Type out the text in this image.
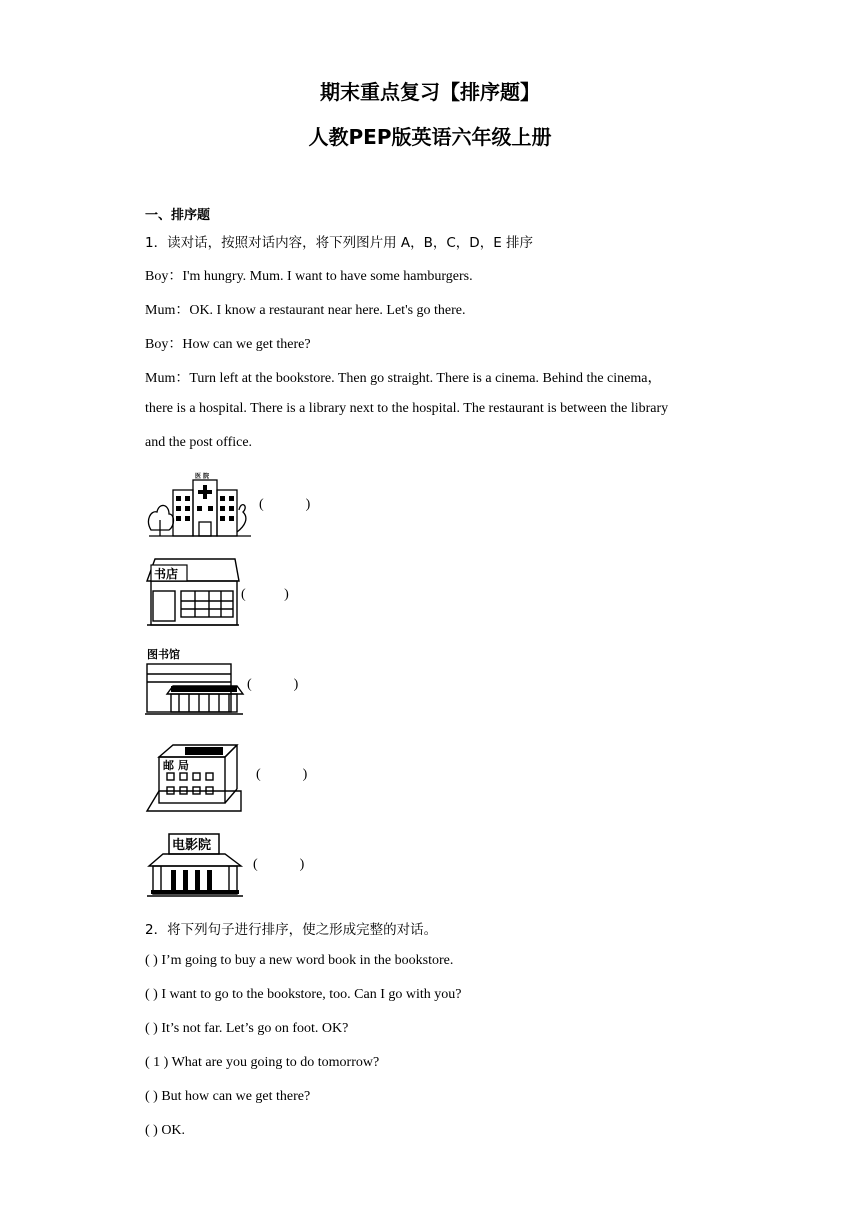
期末重点复习【排序题】
人教PEP版英语六年级上册
一、排序题
1．读对话，按照对话内容，将下列图片用 A，B，C，D，E 排序
Boy：I'm hungry. Mum. I want to have some hamburgers.
Mum：OK. I know a restaurant near here. Let's go there.
Boy：How can we get there?
Mum：Turn left at the bookstore. Then go straight. There is a cinema. Behind the cinema，
there is a hospital. There is a library next to the hospital. The restaurant is between the library
and the post office.
医 院
(            )
书店
(           )
图书馆
(            )
邮 局
(            )
电影院
(            )
2．将下列句子进行排序，使之形成完整的对话。
( ) I’m going to buy a new word book in the bookstore.
( ) I want to go to the bookstore, too. Can I go with you?
( ) It’s not far. Let’s go on foot. OK?
( 1 ) What are you going to do tomorrow?
( ) But how can we get there?
( ) OK.
